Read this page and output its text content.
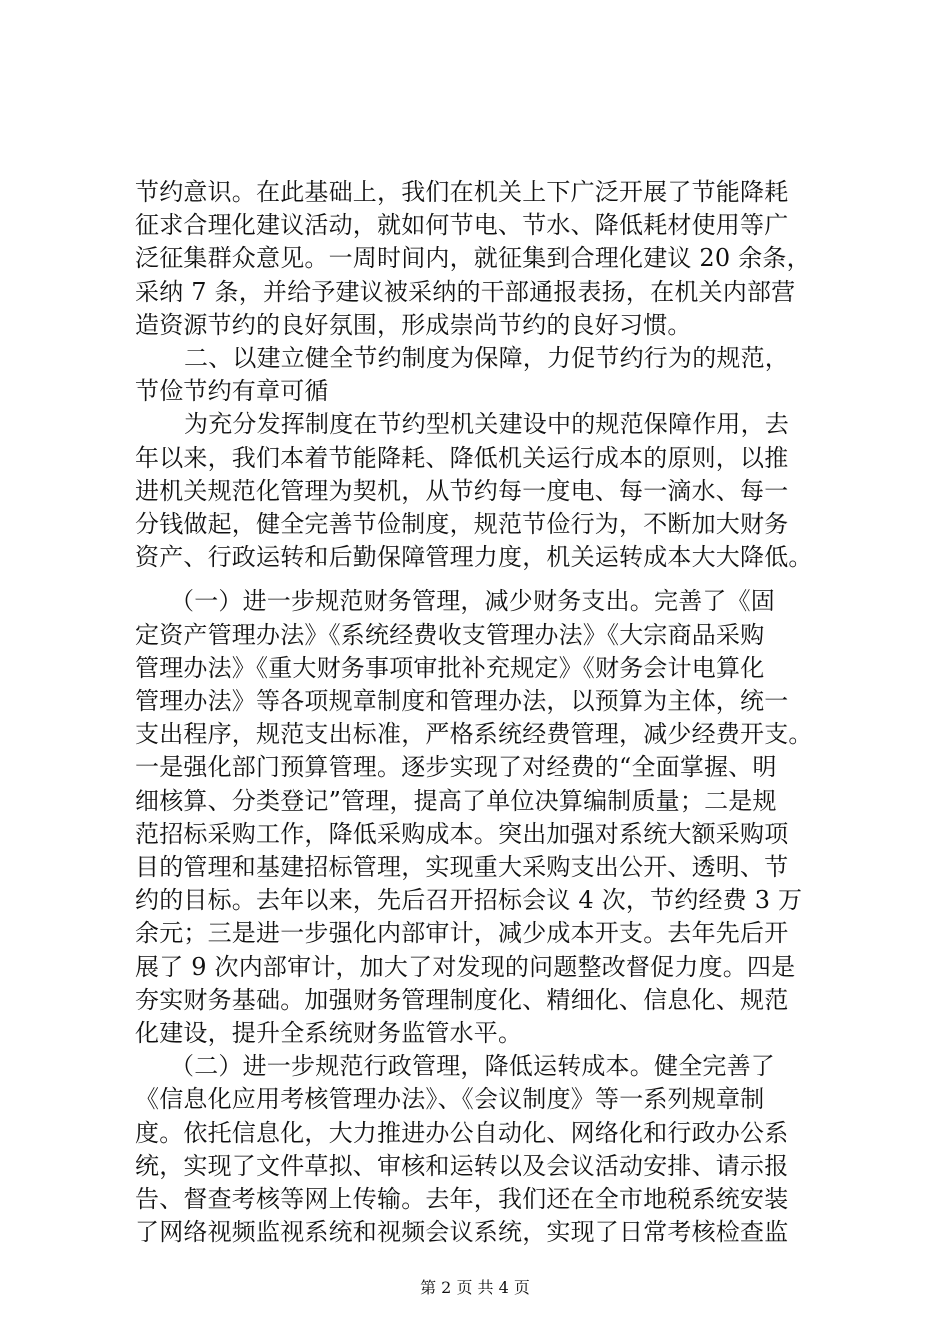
节约意识。在此基础上，我们在机关上下广泛开展了节能降耗
征求合理化建议活动，就如何节电、节水、降低耗材使用等广
泛征集群众意见。一周时间内，就征集到合理化建议 20 余条，
采纳 7 条，并给予建议被采纳的干部通报表扬，在机关内部营
造资源节约的良好氛围，形成崇尚节约的良好习惯。
二、以建立健全节约制度为保障，力促节约行为的规范，
节俭节约有章可循
为充分发挥制度在节约型机关建设中的规范保障作用，去
年以来，我们本着节能降耗、降低机关运行成本的原则，以推
进机关规范化管理为契机，从节约每一度电、每一滴水、每一
分钱做起，健全完善节俭制度，规范节俭行为，不断加大财务
资产、行政运转和后勤保障管理力度，机关运转成本大大降低。
（一）进一步规范财务管理，减少财务支出。完善了《固
定资产管理办法》《系统经费收支管理办法》《大宗商品采购
管理办法》《重大财务事项审批补充规定》《财务会计电算化
管理办法》等各项规章制度和管理办法，以预算为主体，统一
支出程序，规范支出标准，严格系统经费管理，减少经费开支。
一是强化部门预算管理。逐步实现了对经费的“全面掌握、明
细核算、分类登记”管理，提高了单位决算编制质量；二是规
范招标采购工作，降低采购成本。突出加强对系统大额采购项
目的管理和基建招标管理，实现重大采购支出公开、透明、节
约的目标。去年以来，先后召开招标会议 4 次，节约经费 3 万
余元；三是进一步强化内部审计，减少成本开支。去年先后开
展了 9 次内部审计，加大了对发现的问题整改督促力度。四是
夯实财务基础。加强财务管理制度化、精细化、信息化、规范
化建设，提升全系统财务监管水平。
（二）进一步规范行政管理，降低运转成本。健全完善了
《信息化应用考核管理办法》、《会议制度》等一系列规章制
度。依托信息化，大力推进办公自动化、网络化和行政办公系
统，实现了文件草拟、审核和运转以及会议活动安排、请示报
告、督查考核等网上传输。去年，我们还在全市地税系统安装
了网络视频监视系统和视频会议系统，实现了日常考核检查监
第 2 页 共 4 页
